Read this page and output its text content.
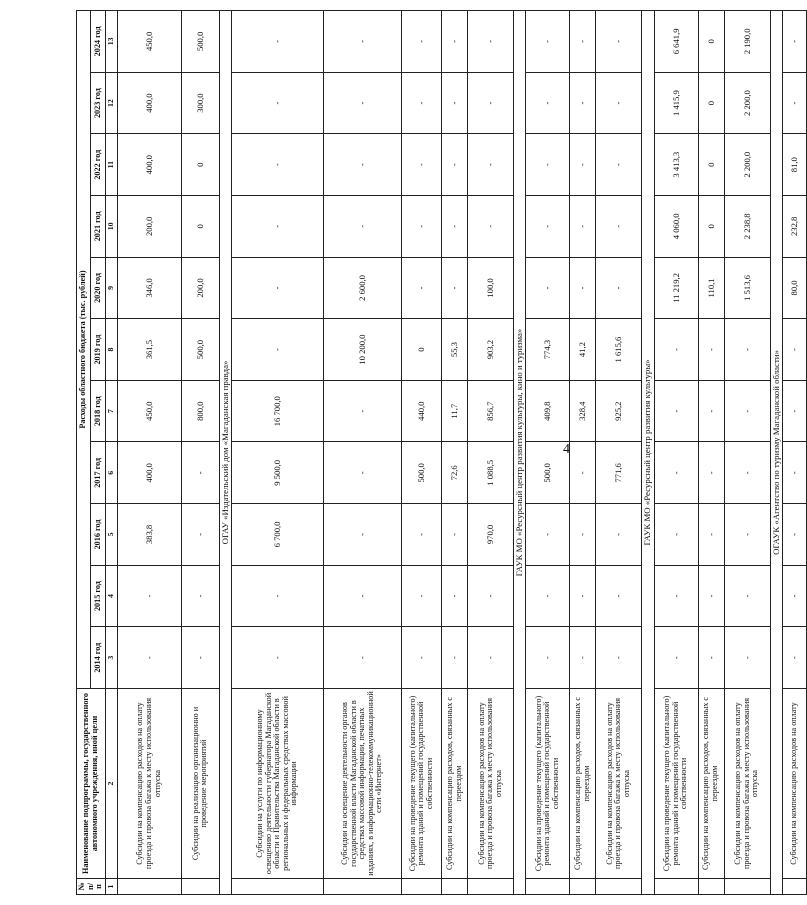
4
№ п/п	Наименование подпрограммы, государственного автономного учреждения, иной цели	Расходы областного бюджета (тыс. рублей)										
		2014 год	2015 год	2016 год	2017 год	2018 год	2019 год	2020 год	2021 год	2022 год	2023 год	2024 год
1	2	3	4	5	6	7	8	9	10	11	12	13
	Субсидии на компенсацию расходов на оплату проезда и провоза багажа к месту использования отпуска	-	-	383,8	400,0	450,0	361,5	346,0	200,0	400,0	400,0	450,0
	Субсидии на реализацию организационно и проведение мероприятий	-	-	-	-	800,0	500,0	200,0	0	0	300,0	500,0
ОГАУ «Издательский дом «Магаданская правда»												
	Субсидии на услуги по информационному освещению деятельности губернатора Магаданской области и Правительства Магаданской области в региональных и федеральных средствах массовой информации	-	-	6 700,0	9 500,0	16 700,0	-	-	-	-	-	-
	Субсидии на освещение деятельности органов государственной власти Магаданской области в средствах массовой информации, печатных изданиях, в информационно-телекоммуникационной сети «Интернет»	-	-	-	-	-	10 200,0	2 600,0	-	-	-	-
	Субсидии на проведение текущего (капитального) ремонта зданий и помещений государственной собственности	-	-	-	500,0	440,0	0	-	-	-	-	-
	Субсидии на компенсацию расходов, связанных с переездом	-	-	-	72,6	11,7	55,3	-	-	-	-	-
	Субсидии на компенсацию расходов на оплату проезда и провоза багажа к месту использования отпуска	-	-	970,0	1 088,5	856,7	903,2	100,0	-	-	-	-
ГАУК МО «Ресурсный центр развития культуры, кино и туризма»												
	Субсидии на проведение текущего (капитального) ремонта зданий и помещений государственной собственности	-	-	-	500,0	409,8	774,3	-	-	-	-	-
	Субсидии на компенсацию расходов, связанных с переездом	-	-	-	-	328,4	41,2	-	-	-	-	-
	Субсидии на компенсацию расходов на оплату проезда и провоза багажа к месту использования отпуска	-	-	-	771,6	925,2	1 615,6	-	-	-	-	-
ГАУК МО «Ресурсный центр развития культуры»												
	Субсидии на проведение текущего (капитального) ремонта зданий и помещений государственной собственности	-	-	-	-	-	-	11 219,2	4 060,0	3 413,3	1 415,9	6 641,9
	Субсидии на компенсацию расходов, связанных с переездом	-	-	-	-	-	-	110,1	0	0	0	0
	Субсидии на компенсацию расходов на оплату проезда и провоза багажа к месту использования отпуска	-	-	-	-	-	-	1 513,6	2 238,8	2 200,0	2 200,0	2 190,0
ОГАУК «Агентство по туризму Магаданской области»												
	Субсидии на компенсацию расходов на оплату	-	-	-	-	-	-	80,0	232,8	81,0	-	-
